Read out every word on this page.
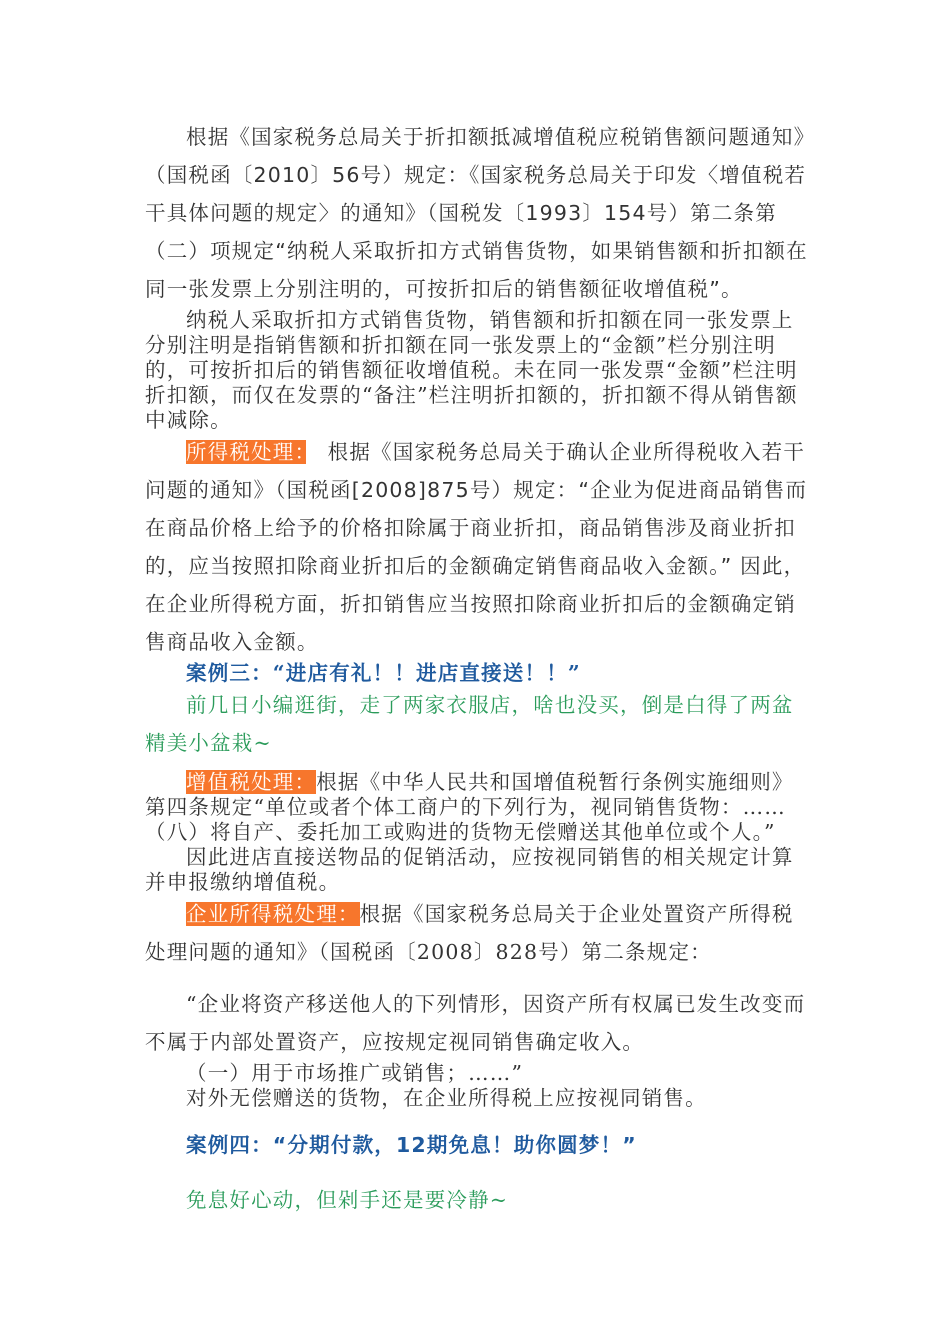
根据《国家税务总局关于折扣额抵减增值税应税销售额问题通知》（国税函〔2010〕56号）规定：《国家税务总局关于印发〈增值税若干具体问题的规定〉的通知》（国税发〔1993〕154号）第二条第（二）项规定“纳税人采取折扣方式销售货物，如果销售额和折扣额在同一张发票上分别注明的，可按折扣后的销售额征收增值税”。

纳税人采取折扣方式销售货物，销售额和折扣额在同一张发票上分别注明是指销售额和折扣额在同一张发票上的“金额”栏分别注明的，可按折扣后的销售额征收增值税。未在同一张发票“金额”栏注明折扣额，而仅在发票的“备注”栏注明折扣额的，折扣额不得从销售额中减除。

所得税处理：　根据《国家税务总局关于确认企业所得税收入若干问题的通知》（国税函[2008]875号）规定：“企业为促进商品销售而在商品价格上给予的价格扣除属于商业折扣，商品销售涉及商业折扣的，应当按照扣除商业折扣后的金额确定销售商品收入金额。” 因此，在企业所得税方面，折扣销售应当按照扣除商业折扣后的金额确定销售商品收入金额。

案例三：“进店有礼！！进店直接送！！”

前几日小编逛街，走了两家衣服店，啥也没买，倒是白得了两盆精美小盆栽~

增值税处理：根据《中华人民共和国增值税暂行条例实施细则》第四条规定“单位或者个体工商户的下列行为，视同销售货物：……（八）将自产、委托加工或购进的货物无偿赠送其他单位或个人。”

因此进店直接送物品的促销活动，应按视同销售的相关规定计算并申报缴纳增值税。

企业所得税处理：根据《国家税务总局关于企业处置资产所得税处理问题的通知》（国税函〔2008〕828号）第二条规定：

“企业将资产移送他人的下列情形，因资产所有权属已发生改变而不属于内部处置资产，应按规定视同销售确定收入。

（一）用于市场推广或销售；……”

对外无偿赠送的货物，在企业所得税上应按视同销售。

案例四：“分期付款，12期免息！助你圆梦！”

免息好心动，但剁手还是要冷静~
